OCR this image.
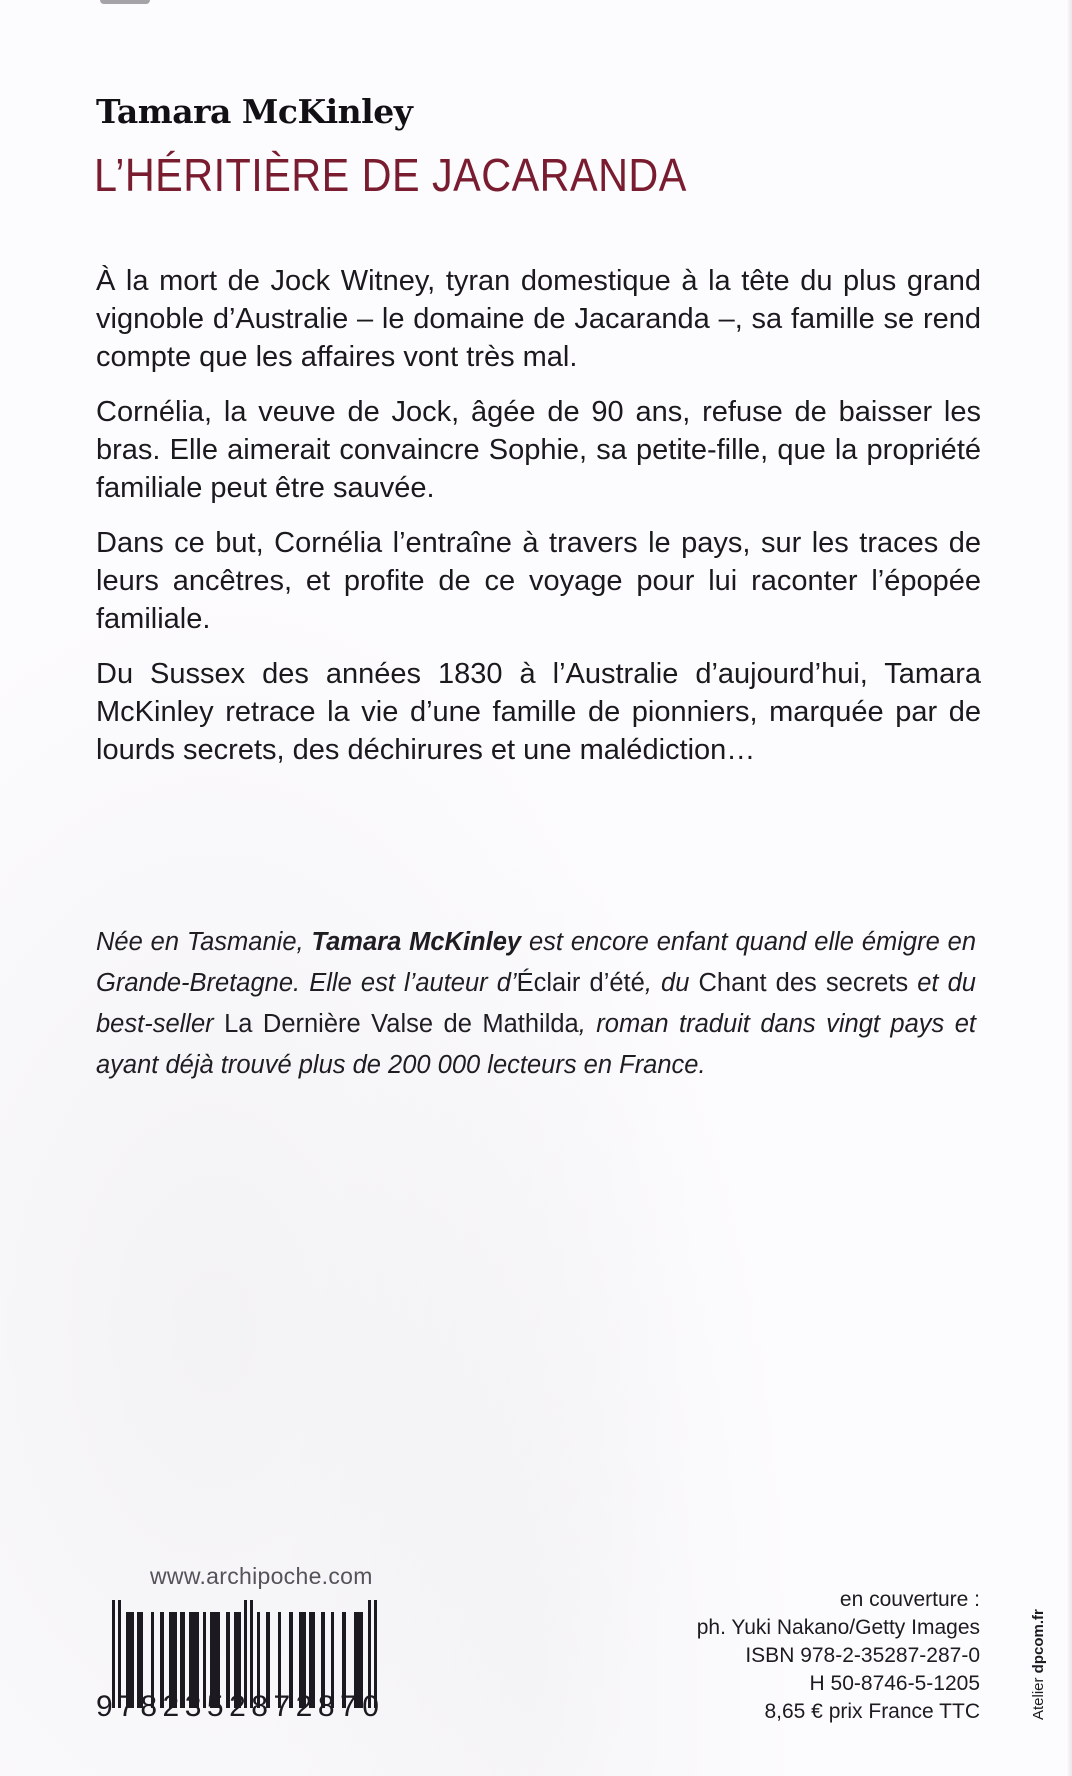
Tamara McKinley
L’HÉRITIÈRE DE JACARANDA

À la mort de Jock Witney, tyran domestique à la tête du plus grand vignoble d’Australie – le domaine de Jacaranda –, sa famille se rend compte que les affaires vont très mal.

Cornélia, la veuve de Jock, âgée de 90 ans, refuse de baisser les bras. Elle aimerait convaincre Sophie, sa petite-fille, que la propriété familiale peut être sauvée.

Dans ce but, Cornélia l’entraîne à travers le pays, sur les traces de leurs ancêtres, et profite de ce voyage pour lui raconter l’épopée familiale.

Du Sussex des années 1830 à l’Australie d’aujourd’hui, Tamara McKinley retrace la vie d’une famille de pionniers, marquée par de lourds secrets, des déchirures et une malédiction…

Née en Tasmanie, Tamara McKinley est encore enfant quand elle émigre en Grande-Bretagne. Elle est l’auteur d’Éclair d’été, du Chant des secrets et du best-seller La Dernière Valse de Mathilda, roman traduit dans vingt pays et ayant déjà trouvé plus de 200 000 lecteurs en France.

www.archipoche.com
9782352872870
en couverture :
ph. Yuki Nakano/Getty Images
ISBN 978-2-35287-287-0
H 50-8746-5-1205
8,65 € prix France TTC	Atelier dpcom.fr
